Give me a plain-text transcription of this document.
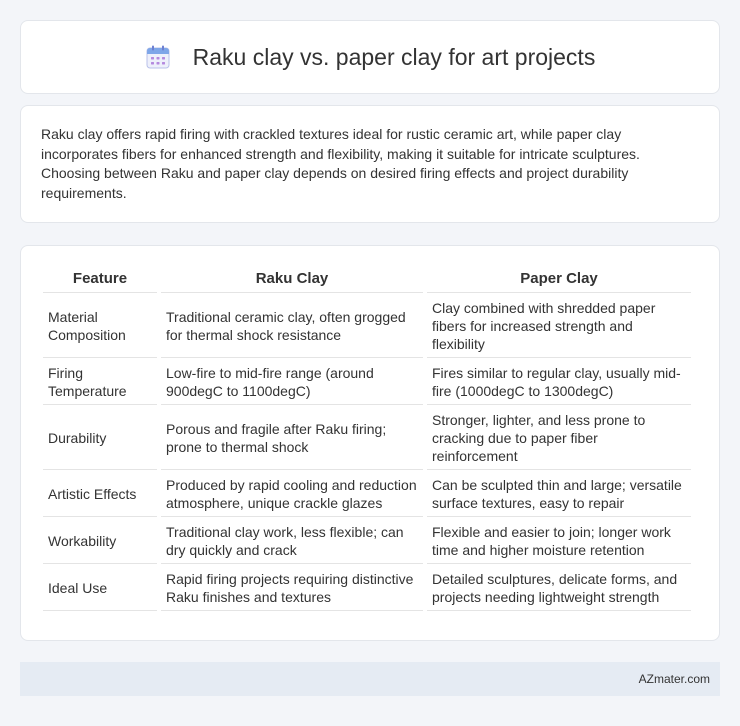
Raku clay vs. paper clay for art projects

Raku clay offers rapid firing with crackled textures ideal for rustic ceramic art, while paper clay incorporates fibers for enhanced strength and flexibility, making it suitable for intricate sculptures. Choosing between Raku and paper clay depends on desired firing effects and project durability requirements.

Feature	Raku Clay	Paper Clay
Material Composition	Traditional ceramic clay, often grogged for thermal shock resistance	Clay combined with shredded paper fibers for increased strength and flexibility
Firing Temperature	Low-fire to mid-fire range (around 900degC to 1100degC)	Fires similar to regular clay, usually mid-fire (1000degC to 1300degC)
Durability	Porous and fragile after Raku firing; prone to thermal shock	Stronger, lighter, and less prone to cracking due to paper fiber reinforcement
Artistic Effects	Produced by rapid cooling and reduction atmosphere, unique crackle glazes	Can be sculpted thin and large; versatile surface textures, easy to repair
Workability	Traditional clay work, less flexible; can dry quickly and crack	Flexible and easier to join; longer work time and higher moisture retention
Ideal Use	Rapid firing projects requiring distinctive Raku finishes and textures	Detailed sculptures, delicate forms, and projects needing lightweight strength
AZmater.com
